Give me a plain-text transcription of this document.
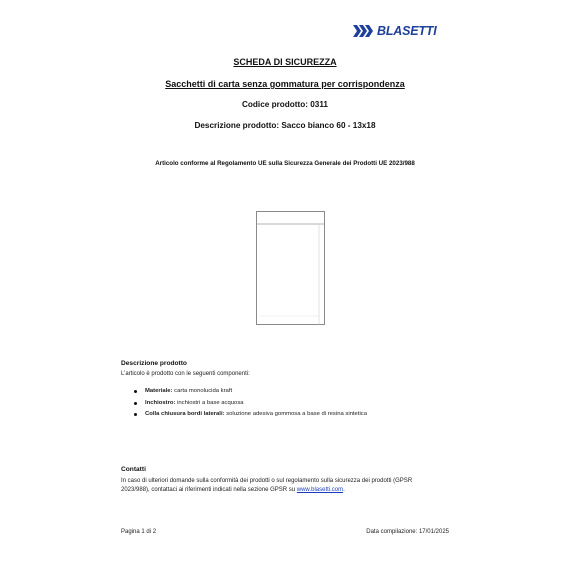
BLASETTI
SCHEDA DI SICUREZZA
Sacchetti di carta senza gommatura per corrispondenza
Codice prodotto: 0311
Descrizione prodotto: Sacco bianco 60 - 13x18
Articolo conforme al Regolamento UE sulla Sicurezza Generale dei Prodotti UE 2023/988
Descrizione prodotto
L’articolo è prodotto con le seguenti componenti:
Materiale: carta monolucida kraft
Inchiostro: inchiostri a base acquosa
Colla chiusura bordi laterali: soluzione adesiva gommosa a base di resina sintetica
Contatti
In caso di ulteriori domande sulla conformità dei prodotti o sul regolamento sulla sicurezza dei prodotti (GPSR
2023/988), contattaci ai riferimenti indicati nella sezione GPSR su www.blasetti.com.
Pagina 1 di 2	Data compilazione: 17/01/2025
